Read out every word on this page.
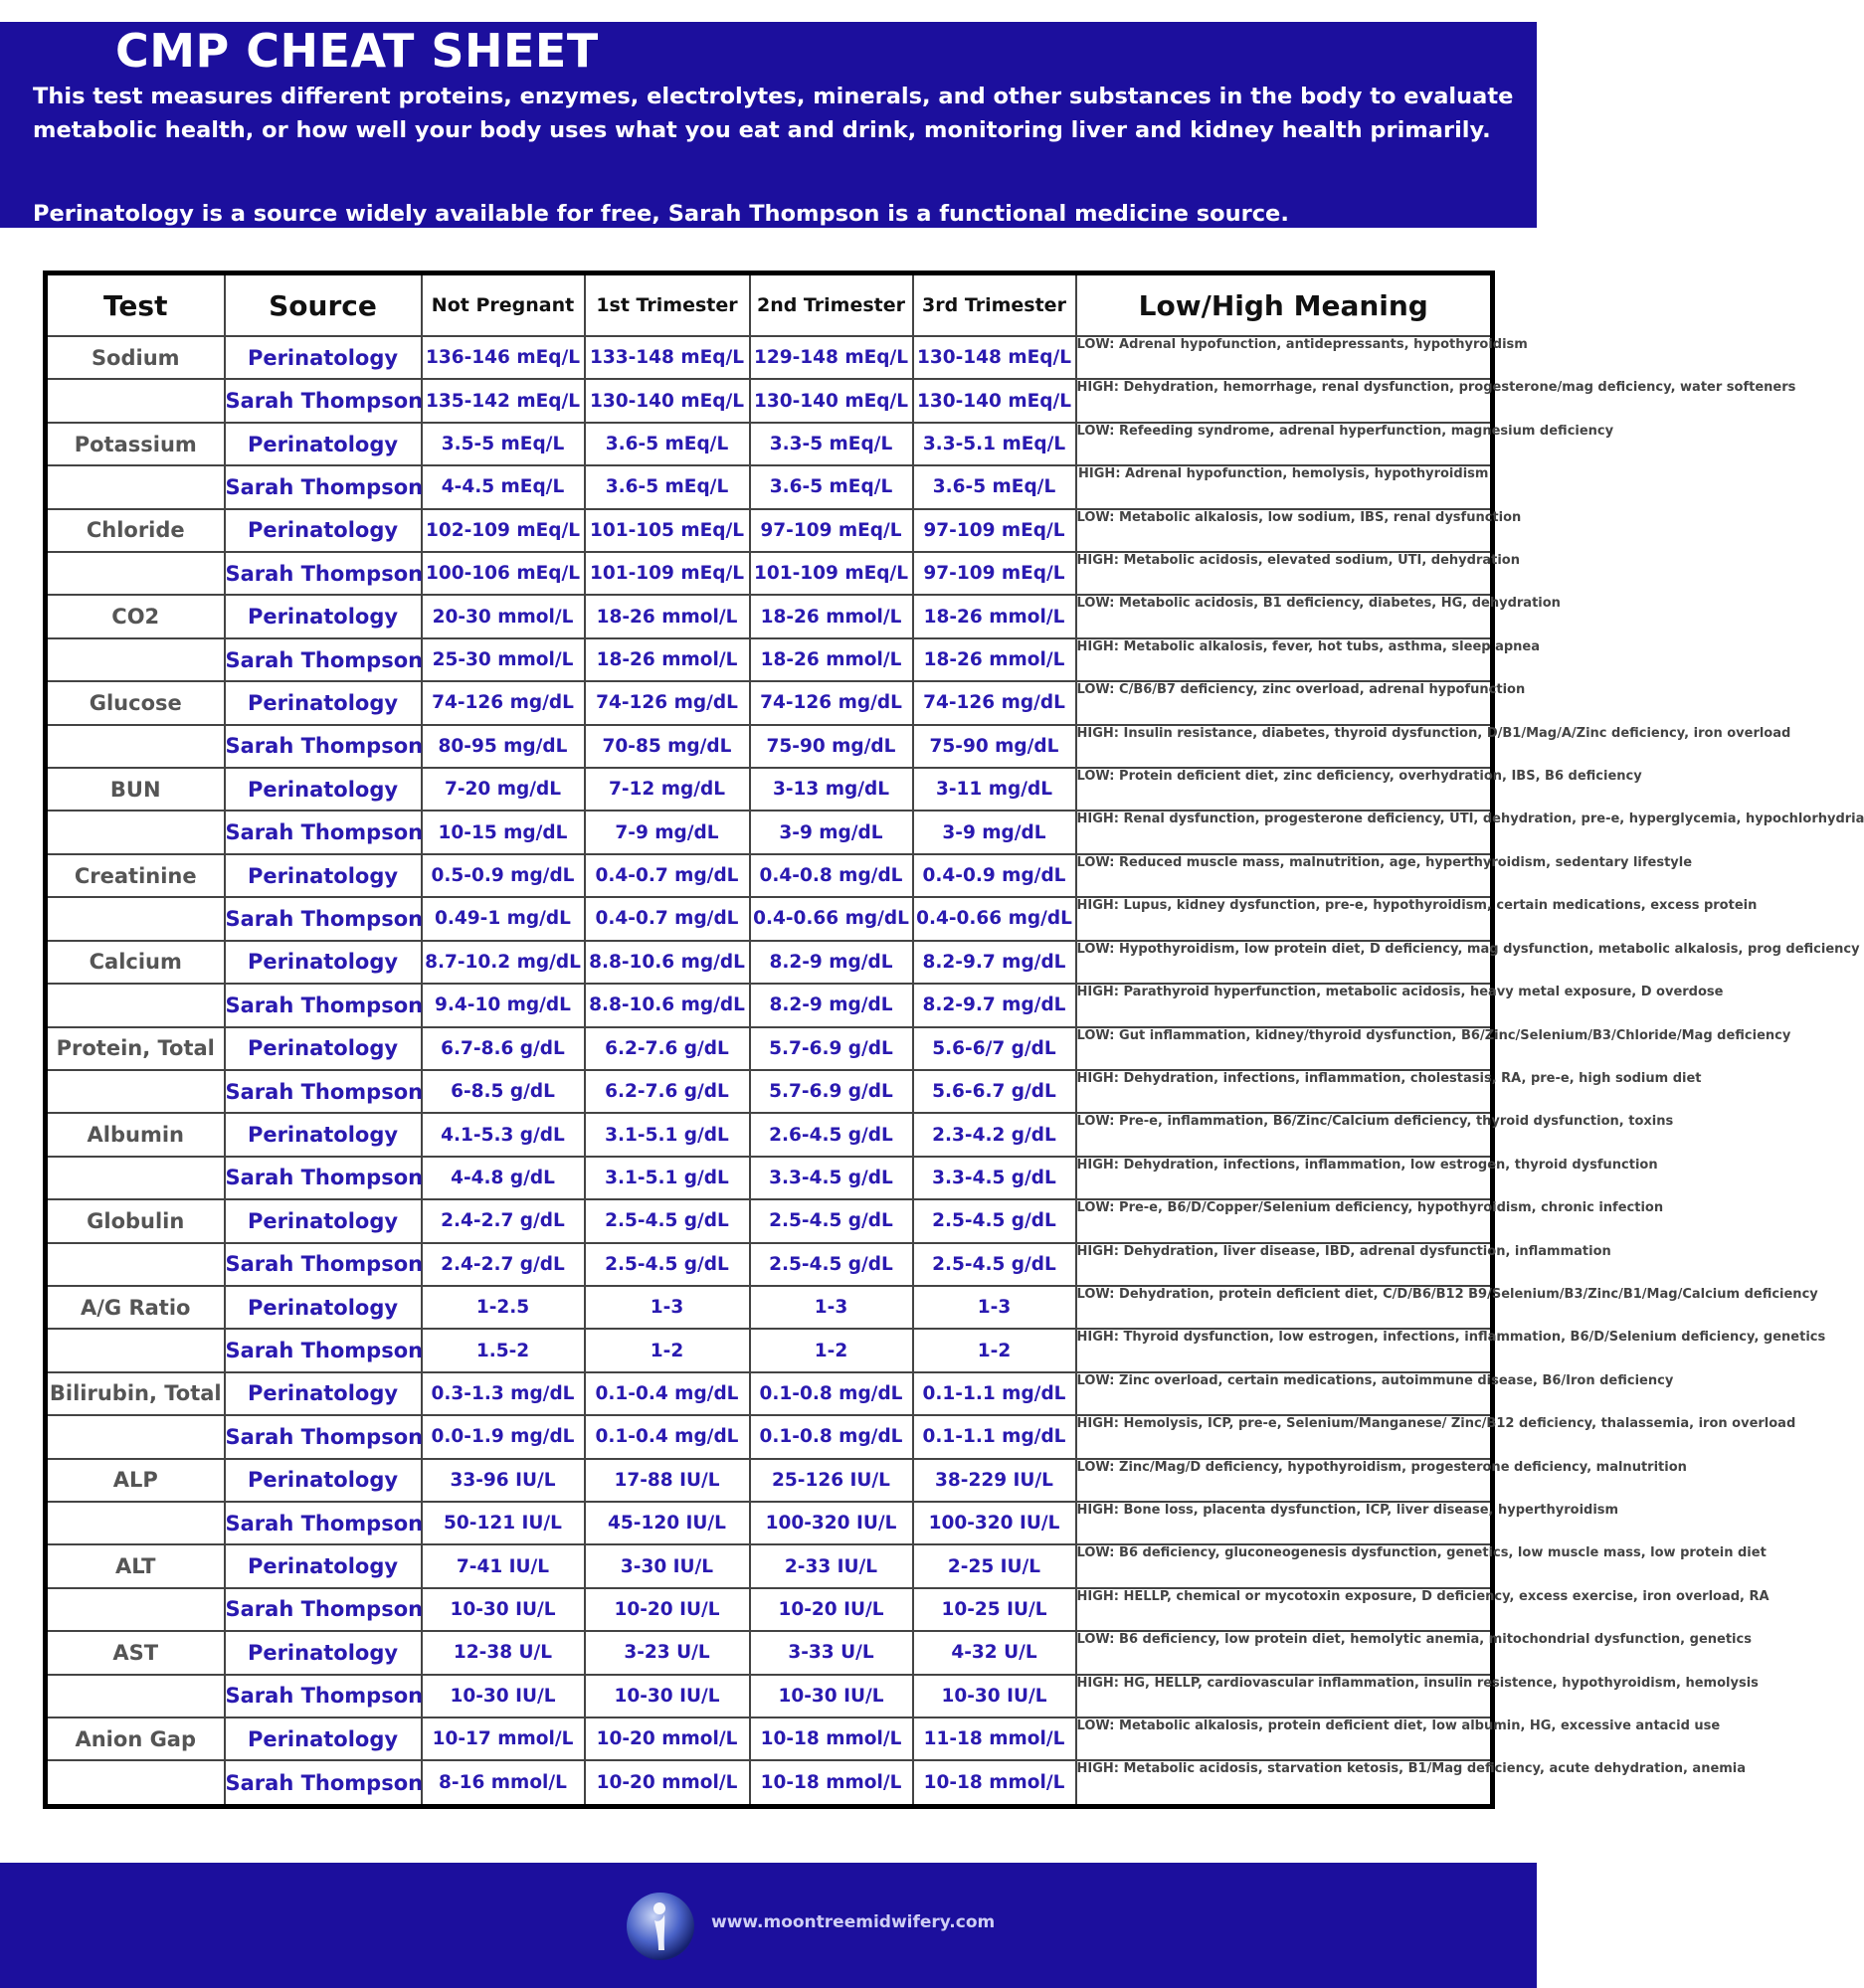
CMP CHEAT SHEET

This test measures different proteins, enzymes, electrolytes, minerals, and other substances in the body to evaluate metabolic health, or how well your body uses what you eat and drink, monitoring liver and kidney health primarily.

Perinatology is a source widely available for free, Sarah Thompson is a functional medicine source.

Test	Source	Not Pregnant	1st Trimester	2nd Trimester	3rd Trimester	Low/High Meaning
Sodium	Perinatology	136-146 mEq/L	133-148 mEq/L	129-148 mEq/L	130-148 mEq/L	LOW: Adrenal hypofunction, antidepressants, hypothyroidism

	Sarah Thompson	135-142 mEq/L	130-140 mEq/L	130-140 mEq/L	130-140 mEq/L	HIGH: Dehydration, hemorrhage, renal dysfunction, progesterone/mag deficiency, water softeners

Potassium	Perinatology	3.5-5 mEq/L	3.6-5 mEq/L	3.3-5 mEq/L	3.3-5.1 mEq/L	LOW: Refeeding syndrome, adrenal hyperfunction, magnesium deficiency

	Sarah Thompson	4-4.5 mEq/L	3.6-5 mEq/L	3.6-5 mEq/L	3.6-5 mEq/L	HIGH: Adrenal hypofunction, hemolysis, hypothyroidism

Chloride	Perinatology	102-109 mEq/L	101-105 mEq/L	97-109 mEq/L	97-109 mEq/L	LOW: Metabolic alkalosis, low sodium, IBS, renal dysfunction

	Sarah Thompson	100-106 mEq/L	101-109 mEq/L	101-109 mEq/L	97-109 mEq/L	HIGH: Metabolic acidosis, elevated sodium, UTI, dehydration

CO2	Perinatology	20-30 mmol/L	18-26 mmol/L	18-26 mmol/L	18-26 mmol/L	LOW: Metabolic acidosis, B1 deficiency, diabetes, HG, dehydration

	Sarah Thompson	25-30 mmol/L	18-26 mmol/L	18-26 mmol/L	18-26 mmol/L	HIGH: Metabolic alkalosis, fever, hot tubs, asthma, sleep apnea

Glucose	Perinatology	74-126 mg/dL	74-126 mg/dL	74-126 mg/dL	74-126 mg/dL	LOW: C/B6/B7 deficiency, zinc overload, adrenal hypofunction

	Sarah Thompson	80-95 mg/dL	70-85 mg/dL	75-90 mg/dL	75-90 mg/dL	HIGH: Insulin resistance, diabetes, thyroid dysfunction, D/B1/Mag/A/Zinc deficiency, iron overload

BUN	Perinatology	7-20 mg/dL	7-12 mg/dL	3-13 mg/dL	3-11 mg/dL	LOW: Protein deficient diet, zinc deficiency, overhydration, IBS, B6 deficiency

	Sarah Thompson	10-15 mg/dL	7-9 mg/dL	3-9 mg/dL	3-9 mg/dL	HIGH: Renal dysfunction, progesterone deficiency, UTI, dehydration, pre-e, hyperglycemia, hypochlorhydria

Creatinine	Perinatology	0.5-0.9 mg/dL	0.4-0.7 mg/dL	0.4-0.8 mg/dL	0.4-0.9 mg/dL	LOW: Reduced muscle mass, malnutrition, age, hyperthyroidism, sedentary lifestyle

	Sarah Thompson	0.49-1 mg/dL	0.4-0.7 mg/dL	0.4-0.66 mg/dL	0.4-0.66 mg/dL	HIGH: Lupus, kidney dysfunction, pre-e, hypothyroidism, certain medications, excess protein

Calcium	Perinatology	8.7-10.2 mg/dL	8.8-10.6 mg/dL	8.2-9 mg/dL	8.2-9.7 mg/dL	LOW: Hypothyroidism, low protein diet, D deficiency, mag dysfunction, metabolic alkalosis, prog deficiency

	Sarah Thompson	9.4-10 mg/dL	8.8-10.6 mg/dL	8.2-9 mg/dL	8.2-9.7 mg/dL	HIGH: Parathyroid hyperfunction, metabolic acidosis, heavy metal exposure, D overdose

Protein, Total	Perinatology	6.7-8.6 g/dL	6.2-7.6 g/dL	5.7-6.9 g/dL	5.6-6/7 g/dL	LOW: Gut inflammation, kidney/thyroid dysfunction, B6/Zinc/Selenium/B3/Chloride/Mag deficiency

	Sarah Thompson	6-8.5 g/dL	6.2-7.6 g/dL	5.7-6.9 g/dL	5.6-6.7 g/dL	HIGH: Dehydration, infections, inflammation, cholestasis, RA, pre-e, high sodium diet

Albumin	Perinatology	4.1-5.3 g/dL	3.1-5.1 g/dL	2.6-4.5 g/dL	2.3-4.2 g/dL	LOW: Pre-e, inflammation, B6/Zinc/Calcium deficiency, thyroid dysfunction, toxins

	Sarah Thompson	4-4.8 g/dL	3.1-5.1 g/dL	3.3-4.5 g/dL	3.3-4.5 g/dL	HIGH: Dehydration, infections, inflammation, low estrogen, thyroid dysfunction

Globulin	Perinatology	2.4-2.7 g/dL	2.5-4.5 g/dL	2.5-4.5 g/dL	2.5-4.5 g/dL	LOW: Pre-e, B6/D/Copper/Selenium deficiency, hypothyroidism, chronic infection

	Sarah Thompson	2.4-2.7 g/dL	2.5-4.5 g/dL	2.5-4.5 g/dL	2.5-4.5 g/dL	HIGH: Dehydration, liver disease, IBD, adrenal dysfunction, inflammation

A/G Ratio	Perinatology	1-2.5	1-3	1-3	1-3	LOW: Dehydration, protein deficient diet, C/D/B6/B12 B9/Selenium/B3/Zinc/B1/Mag/Calcium deficiency

	Sarah Thompson	1.5-2	1-2	1-2	1-2	HIGH: Thyroid dysfunction, low estrogen, infections, inflammation, B6/D/Selenium deficiency, genetics

Bilirubin, Total	Perinatology	0.3-1.3 mg/dL	0.1-0.4 mg/dL	0.1-0.8 mg/dL	0.1-1.1 mg/dL	LOW: Zinc overload, certain medications, autoimmune disease, B6/Iron deficiency

	Sarah Thompson	0.0-1.9 mg/dL	0.1-0.4 mg/dL	0.1-0.8 mg/dL	0.1-1.1 mg/dL	HIGH: Hemolysis, ICP, pre-e, Selenium/Manganese/ Zinc/B12 deficiency, thalassemia, iron overload

ALP	Perinatology	33-96 IU/L	17-88 IU/L	25-126 IU/L	38-229 IU/L	LOW: Zinc/Mag/D deficiency, hypothyroidism, progesterone deficiency, malnutrition

	Sarah Thompson	50-121 IU/L	45-120 IU/L	100-320 IU/L	100-320 IU/L	HIGH: Bone loss, placenta dysfunction, ICP, liver disease, hyperthyroidism

ALT	Perinatology	7-41 IU/L	3-30 IU/L	2-33 IU/L	2-25 IU/L	LOW: B6 deficiency, gluconeogenesis dysfunction, genetics, low muscle mass, low protein diet

	Sarah Thompson	10-30 IU/L	10-20 IU/L	10-20 IU/L	10-25 IU/L	HIGH: HELLP, chemical or mycotoxin exposure, D deficiency, excess exercise, iron overload, RA

AST	Perinatology	12-38 U/L	3-23 U/L	3-33 U/L	4-32 U/L	LOW: B6 deficiency, low protein diet, hemolytic anemia, mitochondrial dysfunction, genetics

	Sarah Thompson	10-30 IU/L	10-30 IU/L	10-30 IU/L	10-30 IU/L	HIGH: HG, HELLP, cardiovascular inflammation, insulin resistence, hypothyroidism, hemolysis

Anion Gap	Perinatology	10-17 mmol/L	10-20 mmol/L	10-18 mmol/L	11-18 mmol/L	LOW: Metabolic alkalosis, protein deficient diet, low albumin, HG, excessive antacid use

	Sarah Thompson	8-16 mmol/L	10-20 mmol/L	10-18 mmol/L	10-18 mmol/L	HIGH: Metabolic acidosis, starvation ketosis, B1/Mag deficiency, acute dehydration, anemia
www.moontreemidwifery.com
